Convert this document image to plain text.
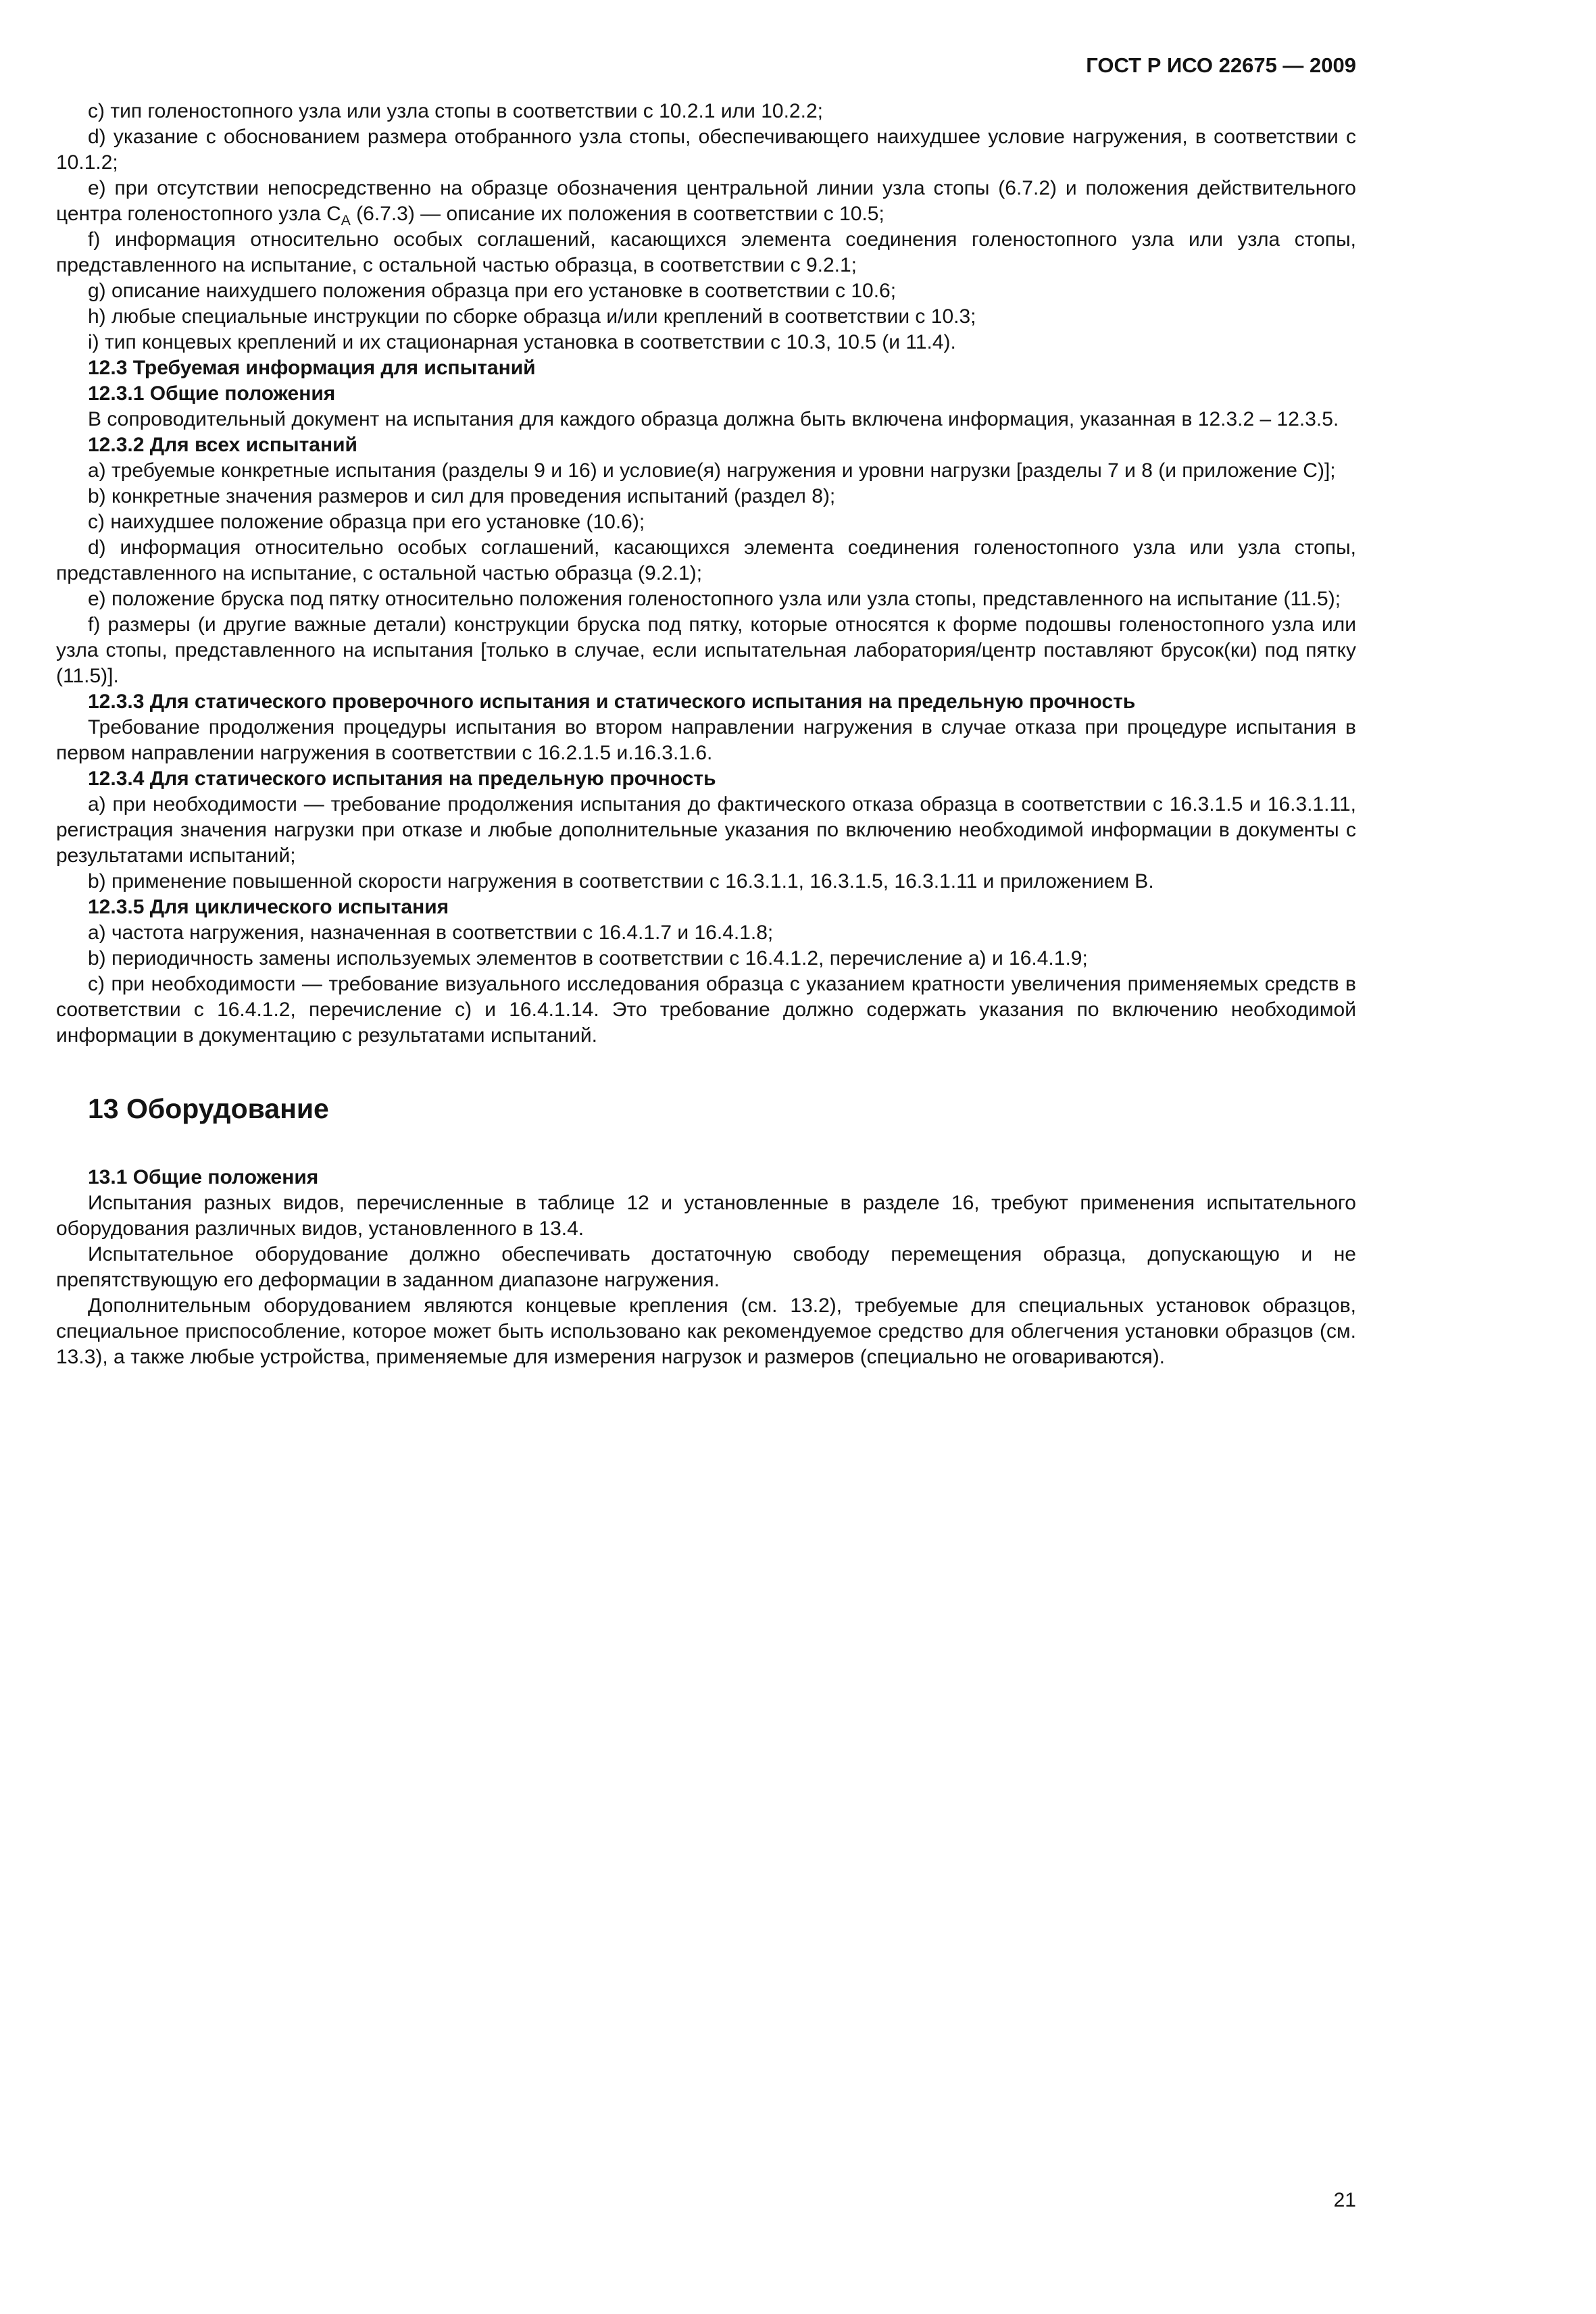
ГОСТ Р ИСО 22675 — 2009

c) тип голеностопного узла или узла стопы в соответствии с 10.2.1 или 10.2.2;

d) указание с обоснованием размера отобранного узла стопы, обеспечивающего наихудшее условие нагружения, в соответствии с 10.1.2;

e) при отсутствии непосредственно на образце обозначения центральной линии узла стопы (6.7.2) и положения действительного центра голеностопного узла $C_A$ (6.7.3) — описание их положения в соответствии с 10.5;

f) информация относительно особых соглашений, касающихся элемента соединения голеностопного узла или узла стопы, представленного на испытание, с остальной частью образца, в соответствии с 9.2.1;

g) описание наихудшего положения образца при его установке в соответствии с 10.6;

h) любые специальные инструкции по сборке образца и/или креплений в соответствии с 10.3;

i) тип концевых креплений и их стационарная установка в соответствии с 10.3, 10.5 (и 11.4).

12.3 Требуемая информация для испытаний

12.3.1 Общие положения

В сопроводительный документ на испытания для каждого образца должна быть включена информация, указанная в 12.3.2 – 12.3.5.

12.3.2 Для всех испытаний

a) требуемые конкретные испытания (разделы 9 и 16) и условие(я) нагружения и уровни нагрузки [разделы 7 и 8 (и приложение С)];

b) конкретные значения размеров и сил для проведения испытаний (раздел 8);

c) наихудшее положение образца при его установке (10.6);

d) информация относительно особых соглашений, касающихся элемента соединения голеностопного узла или узла стопы, представленного на испытание, с остальной частью образца (9.2.1);

e) положение бруска под пятку относительно положения голеностопного узла или узла стопы, представленного на испытание (11.5);

f) размеры (и другие важные детали) конструкции бруска под пятку, которые относятся к форме подошвы голеностопного узла или узла стопы, представленного на испытания [только в случае, если испытательная лаборатория/центр поставляют брусок(ки) под пятку (11.5)].

12.3.3 Для статического проверочного испытания и статического испытания на предельную прочность

Требование продолжения процедуры испытания во втором направлении нагружения в случае отказа при процедуре испытания в первом направлении нагружения в соответствии с 16.2.1.5 и.16.3.1.6.

12.3.4 Для статического испытания на предельную прочность

a) при необходимости — требование продолжения испытания до фактического отказа образца в соответствии с 16.3.1.5 и 16.3.1.11, регистрация значения нагрузки при отказе и любые дополнительные указания по включению необходимой информации в документы с результатами испытаний;

b) применение повышенной скорости нагружения в соответствии с 16.3.1.1, 16.3.1.5, 16.3.1.11 и приложением В.

12.3.5 Для циклического испытания

a) частота нагружения, назначенная в соответствии с 16.4.1.7 и 16.4.1.8;

b) периодичность замены используемых элементов в соответствии с 16.4.1.2, перечисление а) и 16.4.1.9;

c) при необходимости — требование визуального исследования образца с указанием кратности увеличения применяемых средств в соответствии с 16.4.1.2, перечисление с) и 16.4.1.14. Это требование должно содержать указания по включению необходимой информации в документацию с результатами испытаний.

13 Оборудование

13.1 Общие положения

Испытания разных видов, перечисленные в таблице 12 и установленные в разделе 16, требуют применения испытательного оборудования различных видов, установленного в 13.4.

Испытательное оборудование должно обеспечивать достаточную свободу перемещения образца, допускающую и не препятствующую его деформации в заданном диапазоне нагружения.

Дополнительным оборудованием являются концевые крепления (см. 13.2), требуемые для специальных установок образцов, специальное приспособление, которое может быть использовано как рекомендуемое средство для облегчения установки образцов (см. 13.3), а также любые устройства, применяемые для измерения нагрузок и размеров (специально не оговариваются).

21
